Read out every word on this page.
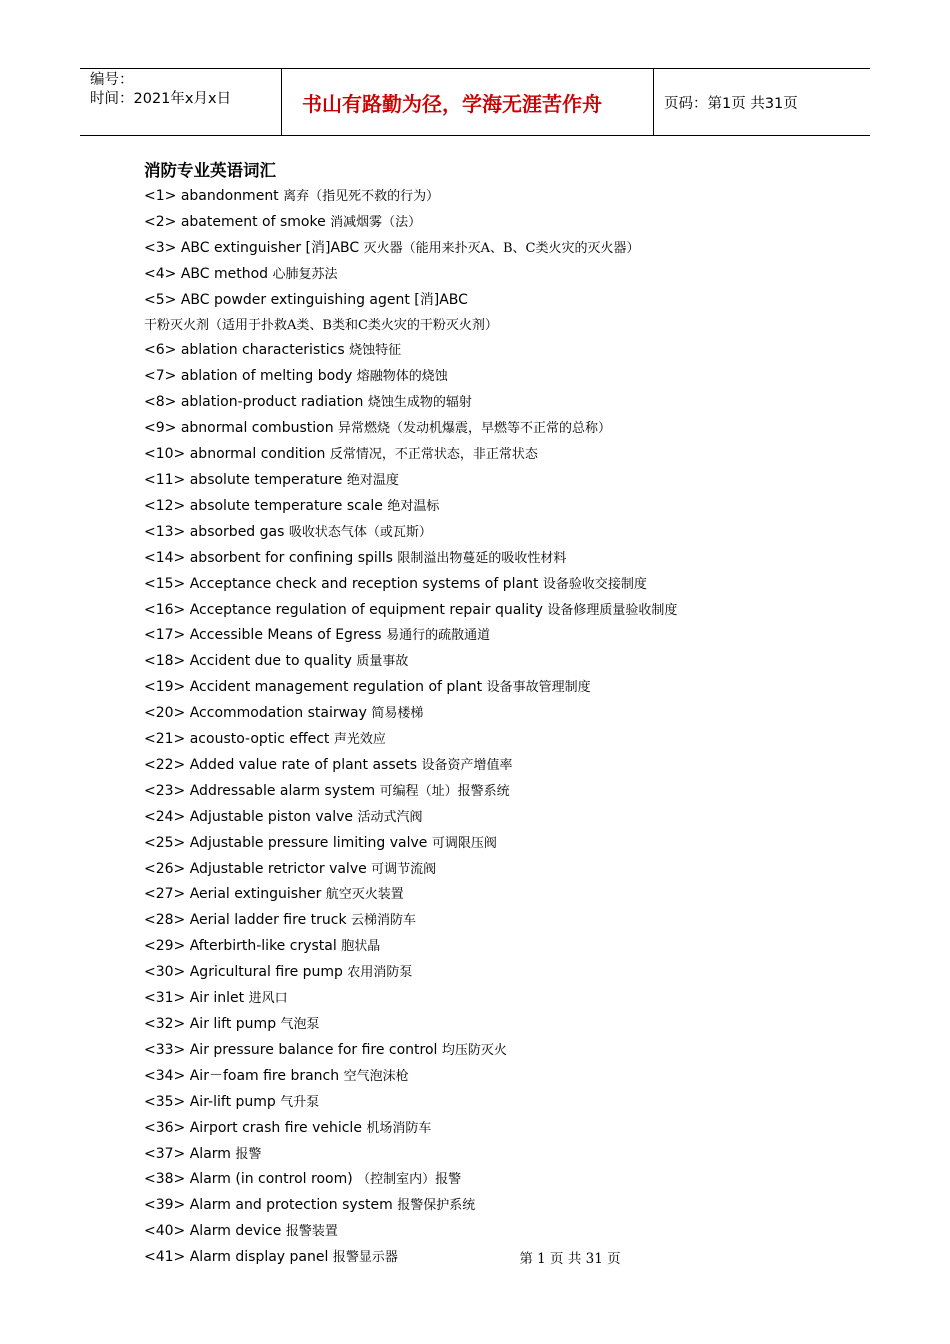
编号：
时间：2021年x月x日	书山有路勤为径，学海无涯苦作舟	页码：第1页 共31页
消防专业英语词汇
<1> abandonment 离弃（指见死不救的行为）
<2> abatement of smoke 消减烟雾（法）
<3> ABC extinguisher [消]ABC 灭火器（能用来扑灭A、B、C类火灾的灭火器）
<4> ABC method 心肺复苏法
<5> ABC powder extinguishing agent [消]ABC 干粉灭火剂（适用于扑救A类、B类和C类火灾的干粉灭火剂）
<6> ablation characteristics 烧蚀特征
<7> ablation of melting body 熔融物体的烧蚀
<8> ablation-product radiation 烧蚀生成物的辐射
<9> abnormal combustion 异常燃烧（发动机爆震，早燃等不正常的总称）
<10> abnormal condition 反常情况，不正常状态，非正常状态
<11> absolute temperature 绝对温度
<12> absolute temperature scale 绝对温标
<13> absorbed gas 吸收状态气体（或瓦斯）
<14> absorbent for confining spills 限制溢出物蔓延的吸收性材料
<15> Acceptance check and reception systems of plant 设备验收交接制度
<16> Acceptance regulation of equipment repair quality 设备修理质量验收制度
<17> Accessible Means of Egress 易通行的疏散通道
<18> Accident due to quality 质量事故
<19> Accident management regulation of plant 设备事故管理制度
<20> Accommodation stairway 简易楼梯
<21> acousto-optic effect 声光效应
<22> Added value rate of plant assets 设备资产增值率
<23> Addressable alarm system 可编程（址）报警系统
<24> Adjustable piston valve 活动式汽阀
<25> Adjustable pressure limiting valve 可调限压阀
<26> Adjustable retrictor valve 可调节流阀
<27> Aerial extinguisher 航空灭火装置
<28> Aerial ladder fire truck 云梯消防车
<29> Afterbirth-like crystal 胞状晶
<30> Agricultural fire pump 农用消防泵
<31> Air inlet 进风口
<32> Air lift pump 气泡泵
<33> Air pressure balance for fire control 均压防灭火
<34> Air－foam fire branch 空气泡沫枪
<35> Air-lift pump 气升泵
<36> Airport crash fire vehicle 机场消防车
<37> Alarm 报警
<38> Alarm (in control room) （控制室内）报警
<39> Alarm and protection system 报警保护系统
<40> Alarm device 报警装置
<41> Alarm display panel 报警显示器	第 1 页 共 31 页
